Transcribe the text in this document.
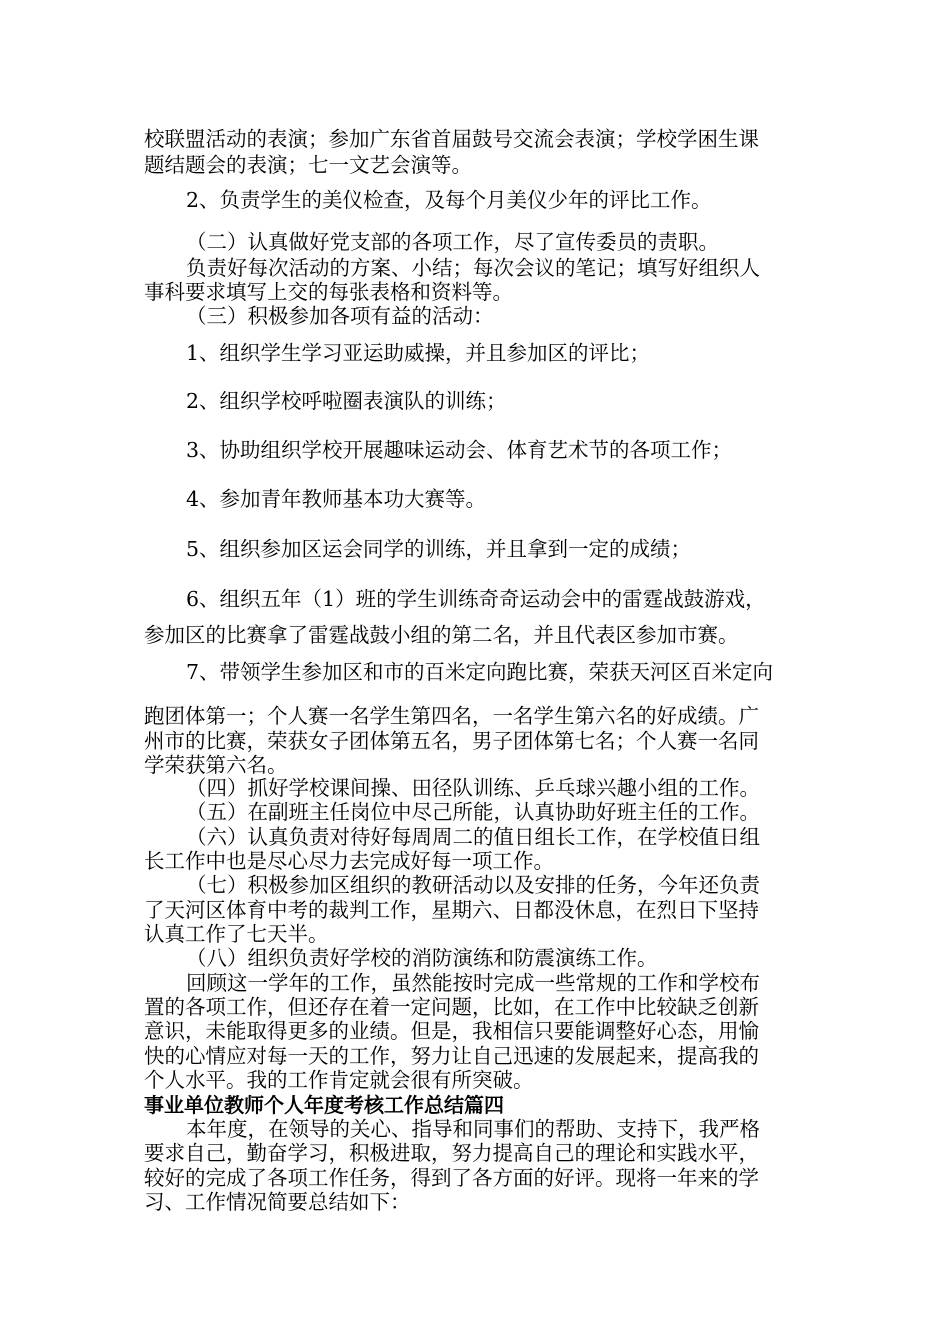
校联盟活动的表演；参加广东省首届鼓号交流会表演；学校学困生课
题结题会的表演；七一文艺会演等。
2、负责学生的美仪检查，及每个月美仪少年的评比工作。
（二）认真做好党支部的各项工作，尽了宣传委员的责职。
负责好每次活动的方案、小结；每次会议的笔记；填写好组织人
事科要求填写上交的每张表格和资料等。
（三）积极参加各项有益的活动：
1、组织学生学习亚运助威操，并且参加区的评比；
2、组织学校呼啦圈表演队的训练；
3、协助组织学校开展趣味运动会、体育艺术节的各项工作；
4、参加青年教师基本功大赛等。
5、组织参加区运会同学的训练，并且拿到一定的成绩；
6、组织五年（1）班的学生训练奇奇运动会中的雷霆战鼓游戏，
参加区的比赛拿了雷霆战鼓小组的第二名，并且代表区参加市赛。
7、带领学生参加区和市的百米定向跑比赛，荣获天河区百米定向
跑团体第一；个人赛一名学生第四名，一名学生第六名的好成绩。广
州市的比赛，荣获女子团体第五名，男子团体第七名；个人赛一名同
学荣获第六名。
（四）抓好学校课间操、田径队训练、乒乓球兴趣小组的工作。
（五）在副班主任岗位中尽己所能，认真协助好班主任的工作。
（六）认真负责对待好每周周二的值日组长工作，在学校值日组
长工作中也是尽心尽力去完成好每一项工作。
（七）积极参加区组织的教研活动以及安排的任务，今年还负责
了天河区体育中考的裁判工作，星期六、日都没休息，在烈日下坚持
认真工作了七天半。
（八）组织负责好学校的消防演练和防震演练工作。
回顾这一学年的工作，虽然能按时完成一些常规的工作和学校布
置的各项工作，但还存在着一定问题，比如，在工作中比较缺乏创新
意识，未能取得更多的业绩。但是，我相信只要能调整好心态，用愉
快的心情应对每一天的工作，努力让自己迅速的发展起来，提高我的
个人水平。我的工作肯定就会很有所突破。
事业单位教师个人年度考核工作总结篇四
本年度，在领导的关心、指导和同事们的帮助、支持下，我严格
要求自己，勤奋学习，积极进取，努力提高自己的理论和实践水平，
较好的完成了各项工作任务，得到了各方面的好评。现将一年来的学
习、工作情况简要总结如下：
